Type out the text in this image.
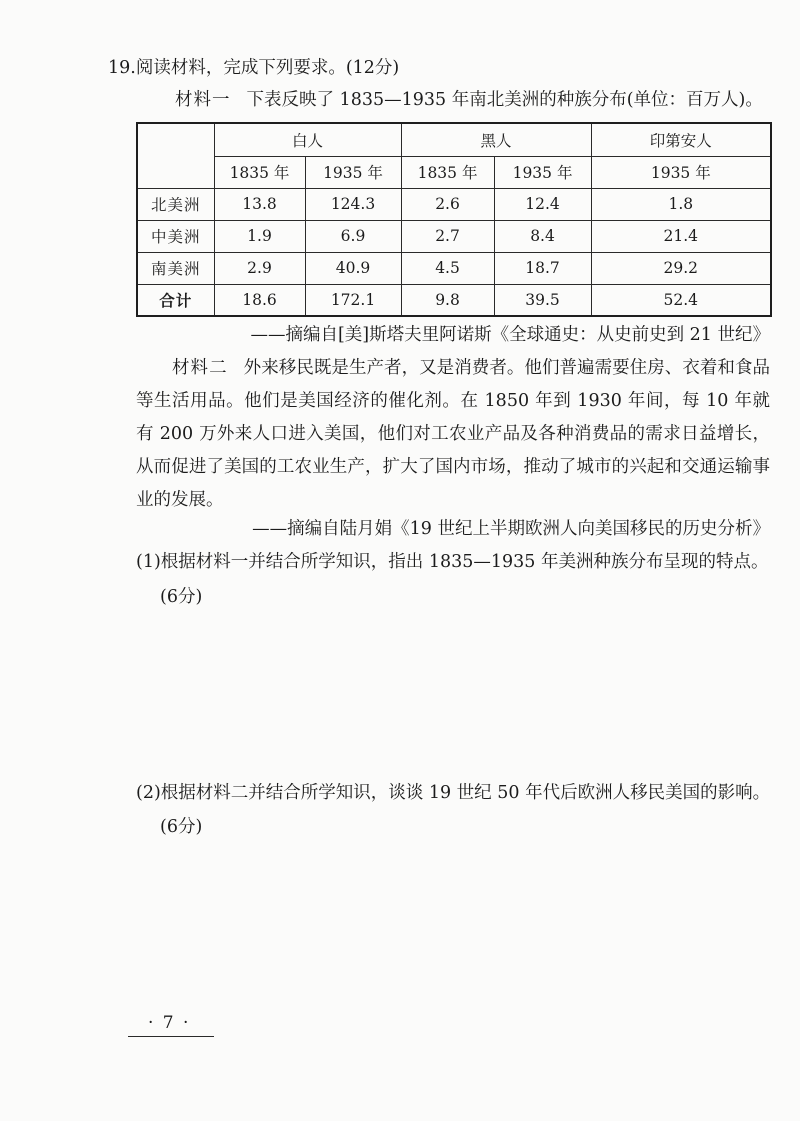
19.阅读材料，完成下列要求。(12分)
材料一 下表反映了 1835—1935 年南北美洲的种族分布(单位：百万人)。
	白人		黑人		印第安人
	1835 年	1935 年	1835 年	1935 年	1935 年
北美洲	13.8	124.3	2.6	12.4	1.8
中美洲	1.9	6.9	2.7	8.4	21.4
南美洲	2.9	40.9	4.5	18.7	29.2
合计	18.6	172.1	9.8	39.5	52.4
——摘编自[美]斯塔夫里阿诺斯《全球通史：从史前史到 21 世纪》
材料二 外来移民既是生产者，又是消费者。他们普遍需要住房、衣着和食品等生活用品。他们是美国经济的催化剂。在 1850 年到 1930 年间，每 10 年就有 200 万外来人口进入美国，他们对工农业产品及各种消费品的需求日益增长，从而促进了美国的工农业生产，扩大了国内市场，推动了城市的兴起和交通运输事业的发展。
——摘编自陆月娟《19 世纪上半期欧洲人向美国移民的历史分析》
(1)根据材料一并结合所学知识，指出 1835—1935 年美洲种族分布呈现的特点。
(6分)
(2)根据材料二并结合所学知识，谈谈 19 世纪 50 年代后欧洲人移民美国的影响。
(6分)
· 7 ·
